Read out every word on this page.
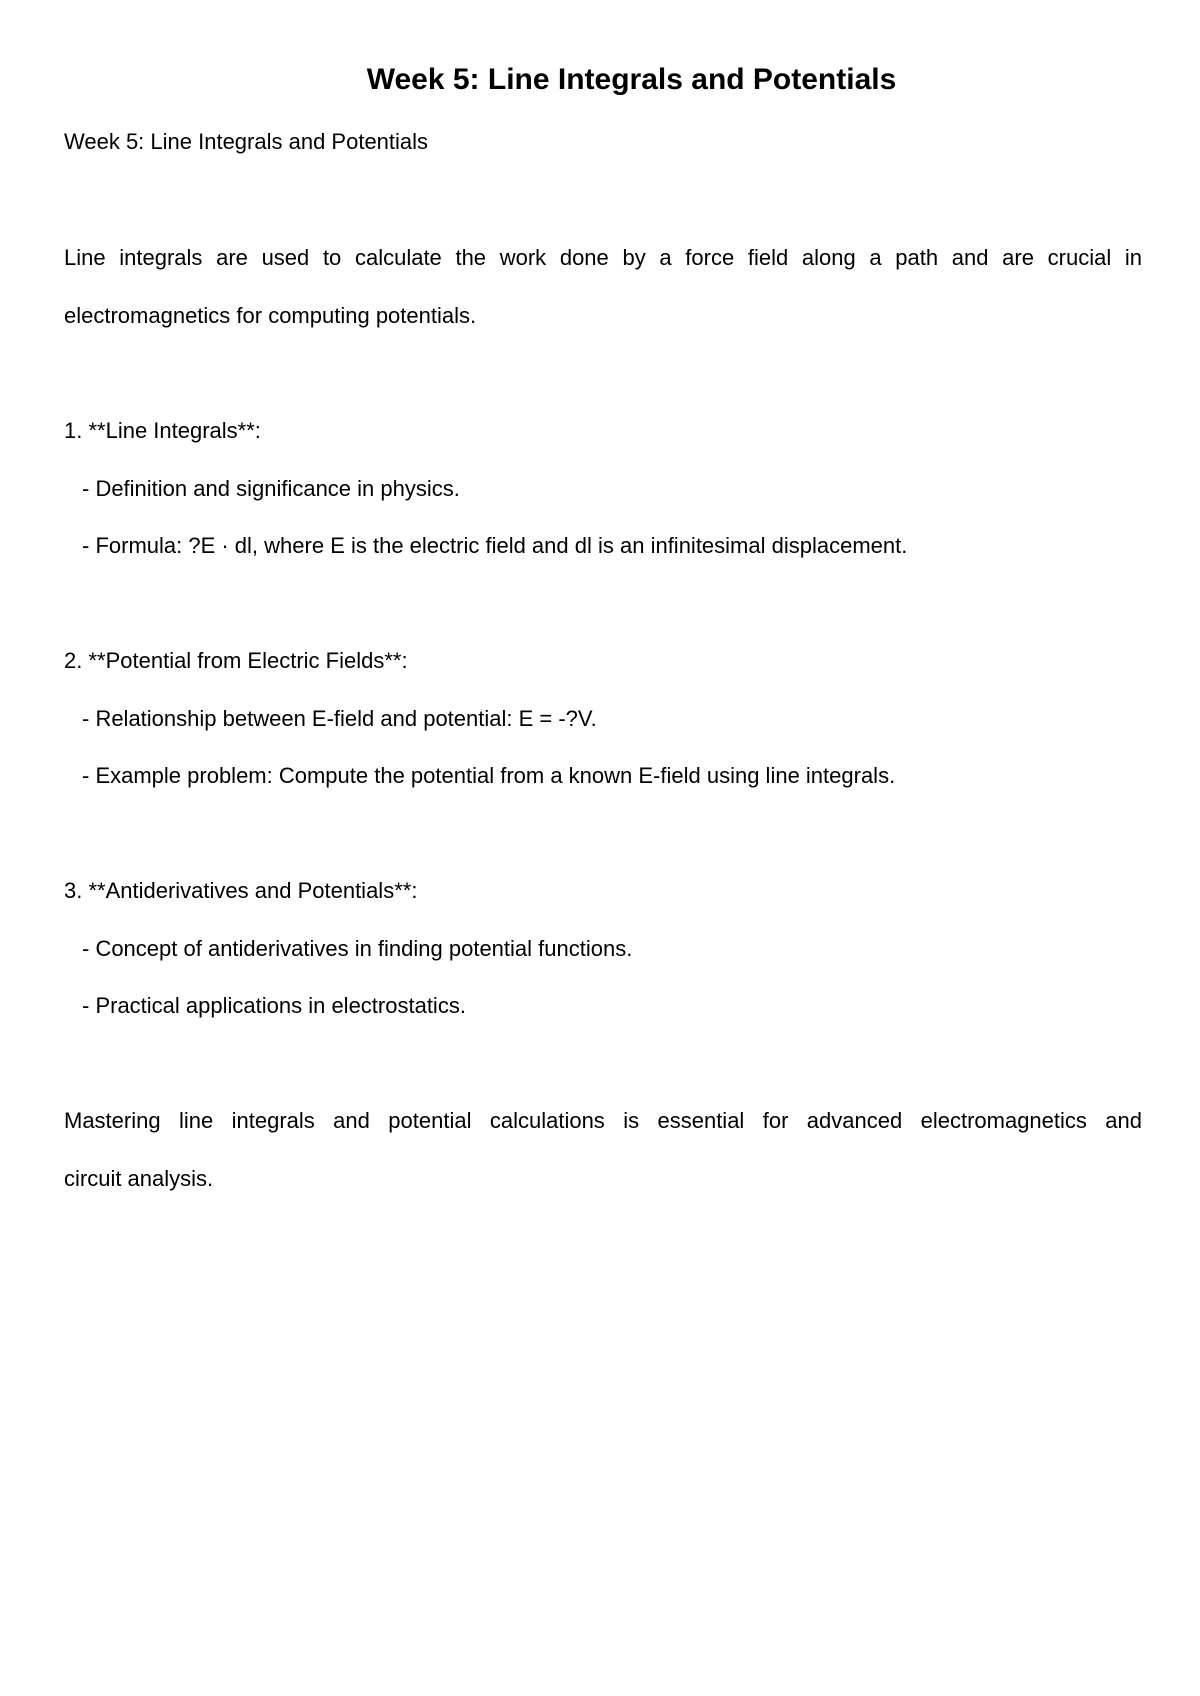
Week 5: Line Integrals and Potentials

Week 5: Line Integrals and Potentials

Line integrals are used to calculate the work done by a force field along a path and are crucial in

electromagnetics for computing potentials.

1. **Line Integrals**:

- Definition and significance in physics.

- Formula: ?E · dl, where E is the electric field and dl is an infinitesimal displacement.

2. **Potential from Electric Fields**:

- Relationship between E-field and potential: E = -?V.

- Example problem: Compute the potential from a known E-field using line integrals.

3. **Antiderivatives and Potentials**:

- Concept of antiderivatives in finding potential functions.

- Practical applications in electrostatics.

Mastering line integrals and potential calculations is essential for advanced electromagnetics and

circuit analysis.
